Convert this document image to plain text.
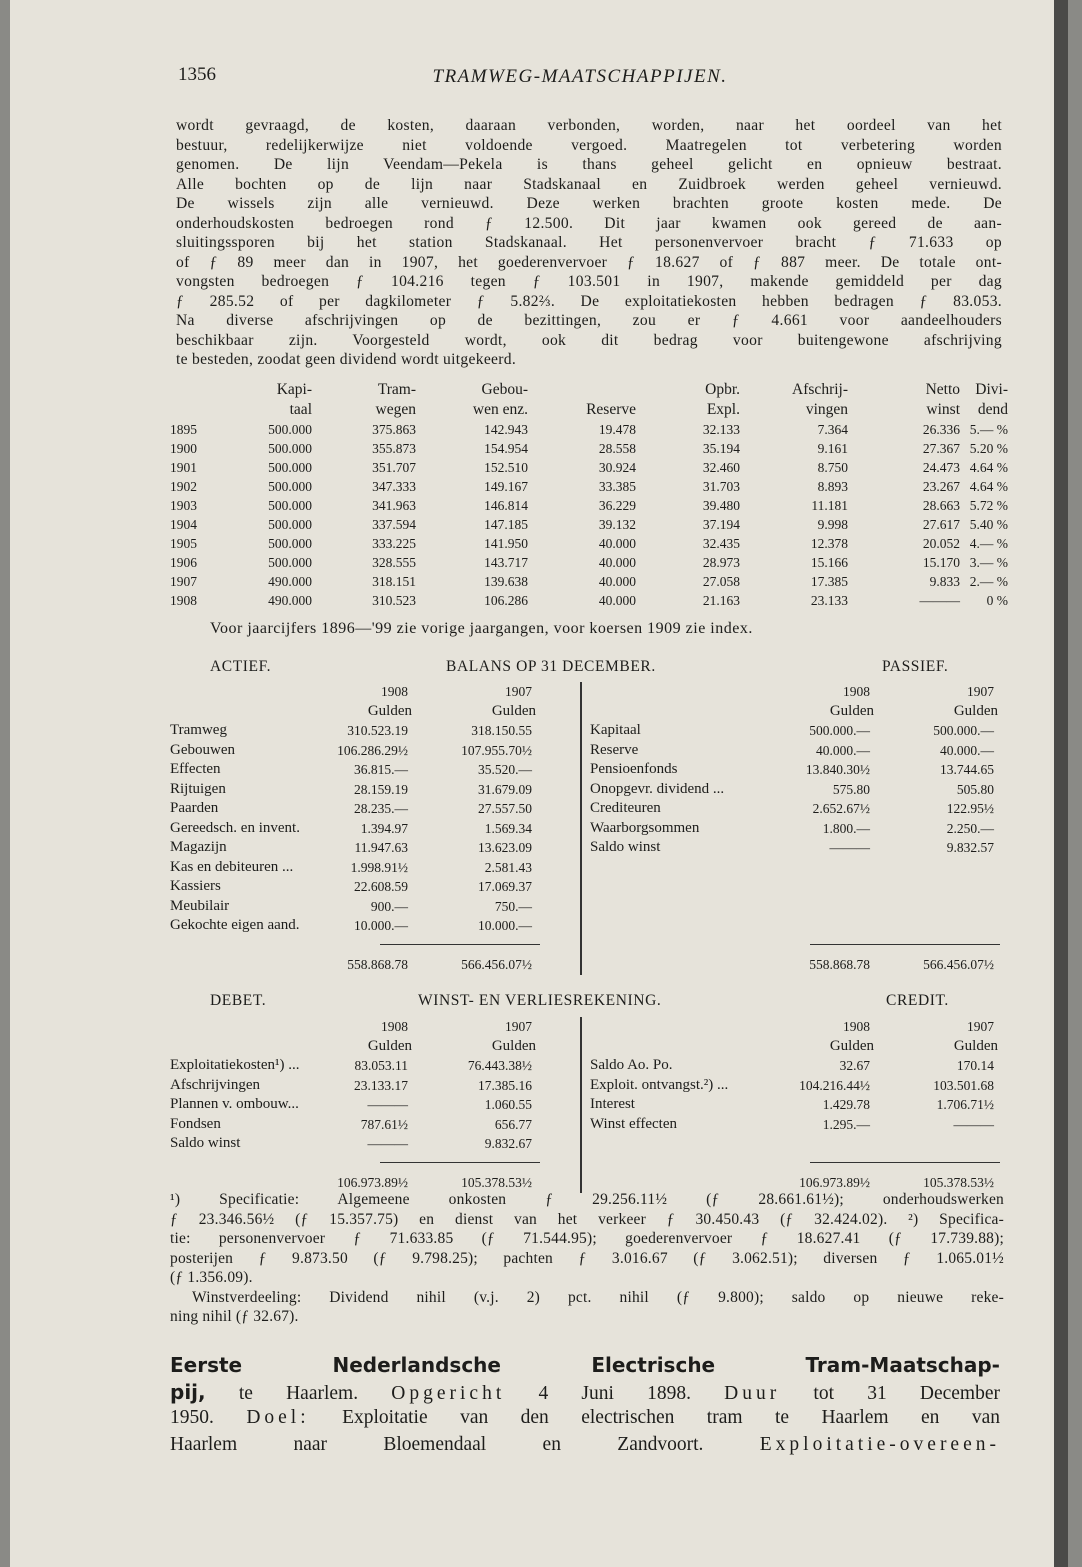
1356	TRAMWEG-MAATSCHAPPIJEN.
wordt gevraagd, de kosten, daaraan verbonden, worden, naar het oordeel van het
bestuur, redelijkerwijze niet voldoende vergoed. Maatregelen tot verbetering worden
genomen. De lijn Veendam—Pekela is thans geheel gelicht en opnieuw bestraat.
Alle bochten op de lijn naar Stadskanaal en Zuidbroek werden geheel vernieuwd.
De wissels zijn alle vernieuwd. Deze werken brachten groote kosten mede. De
onderhoudskosten bedroegen rond ƒ 12.500. Dit jaar kwamen ook gereed de aan-
sluitingssporen bij het station Stadskanaal. Het personenvervoer bracht ƒ 71.633 op
of ƒ 89 meer dan in 1907, het goederenvervoer ƒ 18.627 of ƒ 887 meer. De totale ont-
vongsten bedroegen ƒ 104.216 tegen ƒ 103.501 in 1907, makende gemiddeld per dag
ƒ 285.52 of per dagkilometer ƒ 5.82⅔. De exploitatiekosten hebben bedragen ƒ 83.053.
Na diverse afschrijvingen op de bezittingen, zou er ƒ 4.661 voor aandeelhouders
beschikbaar zijn. Voorgesteld wordt, ook dit bedrag voor buitengewone afschrijving
te besteden, zoodat geen dividend wordt uitgekeerd.
Kapi-	Tram-	Gebou-	Opbr.	Afschrij-	Netto Divi-
taal	wegen	wen enz.	Reserve	Expl.	vingen	winst dend
1895	500.000	375.863	142.943	19.478	32.133	7.364	26.336 5.— %
1900	500.000	355.873	154.954	28.558	35.194	9.161	27.367 5.20 %
1901	500.000	351.707	152.510	30.924	32.460	8.750	24.473 4.64 %
1902	500.000	347.333	149.167	33.385	31.703	8.893	23.267 4.64 %
1903	500.000	341.963	146.814	36.229	39.480	11.181	28.663 5.72 %
1904	500.000	337.594	147.185	39.132	37.194	9.998	27.617 5.40 %
1905	500.000	333.225	141.950	40.000	32.435	12.378	20.052 4.— %
1906	500.000	328.555	143.717	40.000	28.973	15.166	15.170 3.— %
1907	490.000	318.151	139.638	40.000	27.058	17.385	9.833 2.— %
1908	490.000	310.523	106.286	40.000	21.163	23.133	——— 0 %
Voor jaarcijfers 1896—'99 zie vorige jaargangen, voor koersen 1909 zie index.
ACTIEF.	BALANS OP 31 DECEMBER.	PASSIEF.
1908	1907	1908	1907
Gulden	Gulden	Gulden	Gulden
Tramweg	310.523.19	318.150.55	Kapitaal	500.000.—	500.000.—
Gebouwen	106.286.29½	107.955.70½	Reserve	40.000.—	40.000.—
Effecten	36.815.—	35.520.—	Pensioenfonds	13.840.30½	13.744.65
Rijtuigen	28.159.19	31.679.09	Onopgevr. dividend ...	575.80	505.80
Paarden	28.235.—	27.557.50	Crediteuren	2.652.67½	122.95½
Gereedsch. en invent.	1.394.97	1.569.34	Waarborgsommen	1.800.—	2.250.—
Magazijn	11.947.63	13.623.09	Saldo winst	———	9.832.57
Kas en debiteuren ...	1.998.91½	2.581.43
Kassiers	22.608.59	17.069.37
Meubilair	900.—	750.—
Gekochte eigen aand.	10.000.—	10.000.—
558.868.78	566.456.07½	558.868.78	566.456.07½
DEBET.	WINST- EN VERLIESREKENING.	CREDIT.
1908	1907	1908	1907
Gulden	Gulden	Gulden	Gulden
Exploitatiekosten¹) ...	83.053.11	76.443.38½	Saldo Ao. Po.	32.67	170.14
Afschrijvingen	23.133.17	17.385.16	Exploit. ontvangst.²) ...	104.216.44½	103.501.68
Plannen v. ombouw...	———	1.060.55	Interest	1.429.78	1.706.71½
Fondsen	787.61½	656.77	Winst effecten	1.295.—	———
Saldo winst	———	9.832.67
106.973.89½	105.378.53½	106.973.89½	105.378.53½
¹) Specificatie: Algemeene onkosten ƒ 29.256.11½ (ƒ 28.661.61½); onderhoudswerken
ƒ 23.346.56½ (ƒ 15.357.75) en dienst van het verkeer ƒ 30.450.43 (ƒ 32.424.02). ²) Specifica-
tie: personenvervoer ƒ 71.633.85 (ƒ 71.544.95); goederenvervoer ƒ 18.627.41 (ƒ 17.739.88);
posterijen ƒ 9.873.50 (ƒ 9.798.25); pachten ƒ 3.016.67 (ƒ 3.062.51); diversen ƒ 1.065.01½
(ƒ 1.356.09).
Winstverdeeling: Dividend nihil (v.j. 2) pct. nihil (ƒ 9.800); saldo op nieuwe reke-
ning nihil (ƒ 32.67).
Eerste Nederlandsche Electrische Tram-Maatschap-
pij, te Haarlem. Opgericht 4 Juni 1898. Duur tot 31 December
1950. Doel: Exploitatie van den electrischen tram te Haarlem en van
Haarlem naar Bloemendaal en Zandvoort. Exploitatie-overeen-
